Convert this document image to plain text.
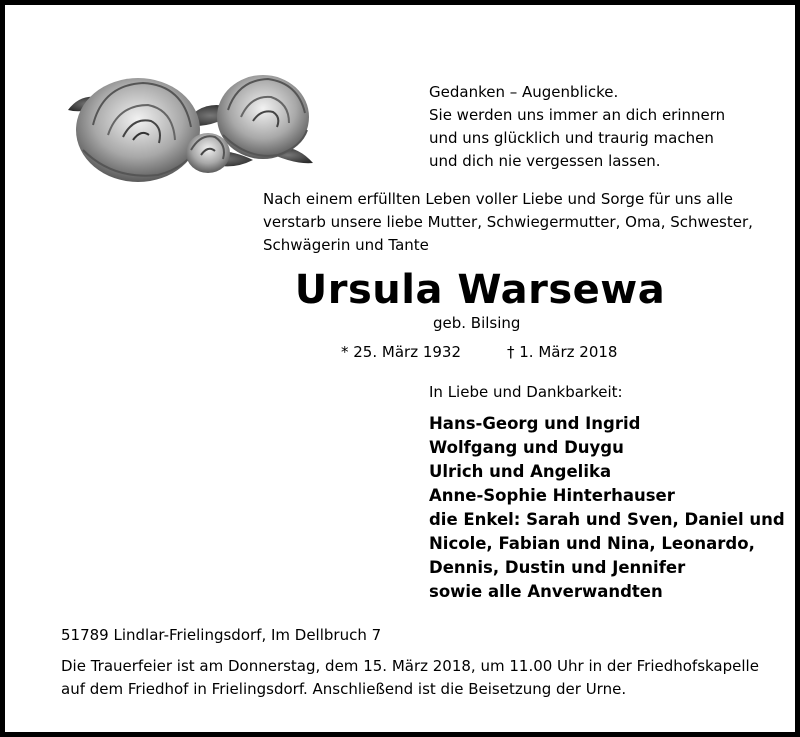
Gedanken – Augenblicke.
Sie werden uns immer an dich erinnern
und uns glücklich und traurig machen
und dich nie vergessen lassen.
Nach einem erfüllten Leben voller Liebe und Sorge für uns alle
verstarb unsere liebe Mutter, Schwiegermutter, Oma, Schwester,
Schwägerin und Tante
Ursula Warsewa
geb. Bilsing
* 25. März 1932	† 1. März 2018
In Liebe und Dankbarkeit:
Hans-Georg und Ingrid
Wolfgang und Duygu
Ulrich und Angelika
Anne-Sophie Hinterhauser
die Enkel: Sarah und Sven, Daniel und
Nicole, Fabian und Nina, Leonardo,
Dennis, Dustin und Jennifer
sowie alle Anverwandten
51789 Lindlar-Frielingsdorf, Im Dellbruch 7
Die Trauerfeier ist am Donnerstag, dem 15. März 2018, um 11.00 Uhr in der Friedhofskapelle
auf dem Friedhof in Frielingsdorf. Anschließend ist die Beisetzung der Urne.
